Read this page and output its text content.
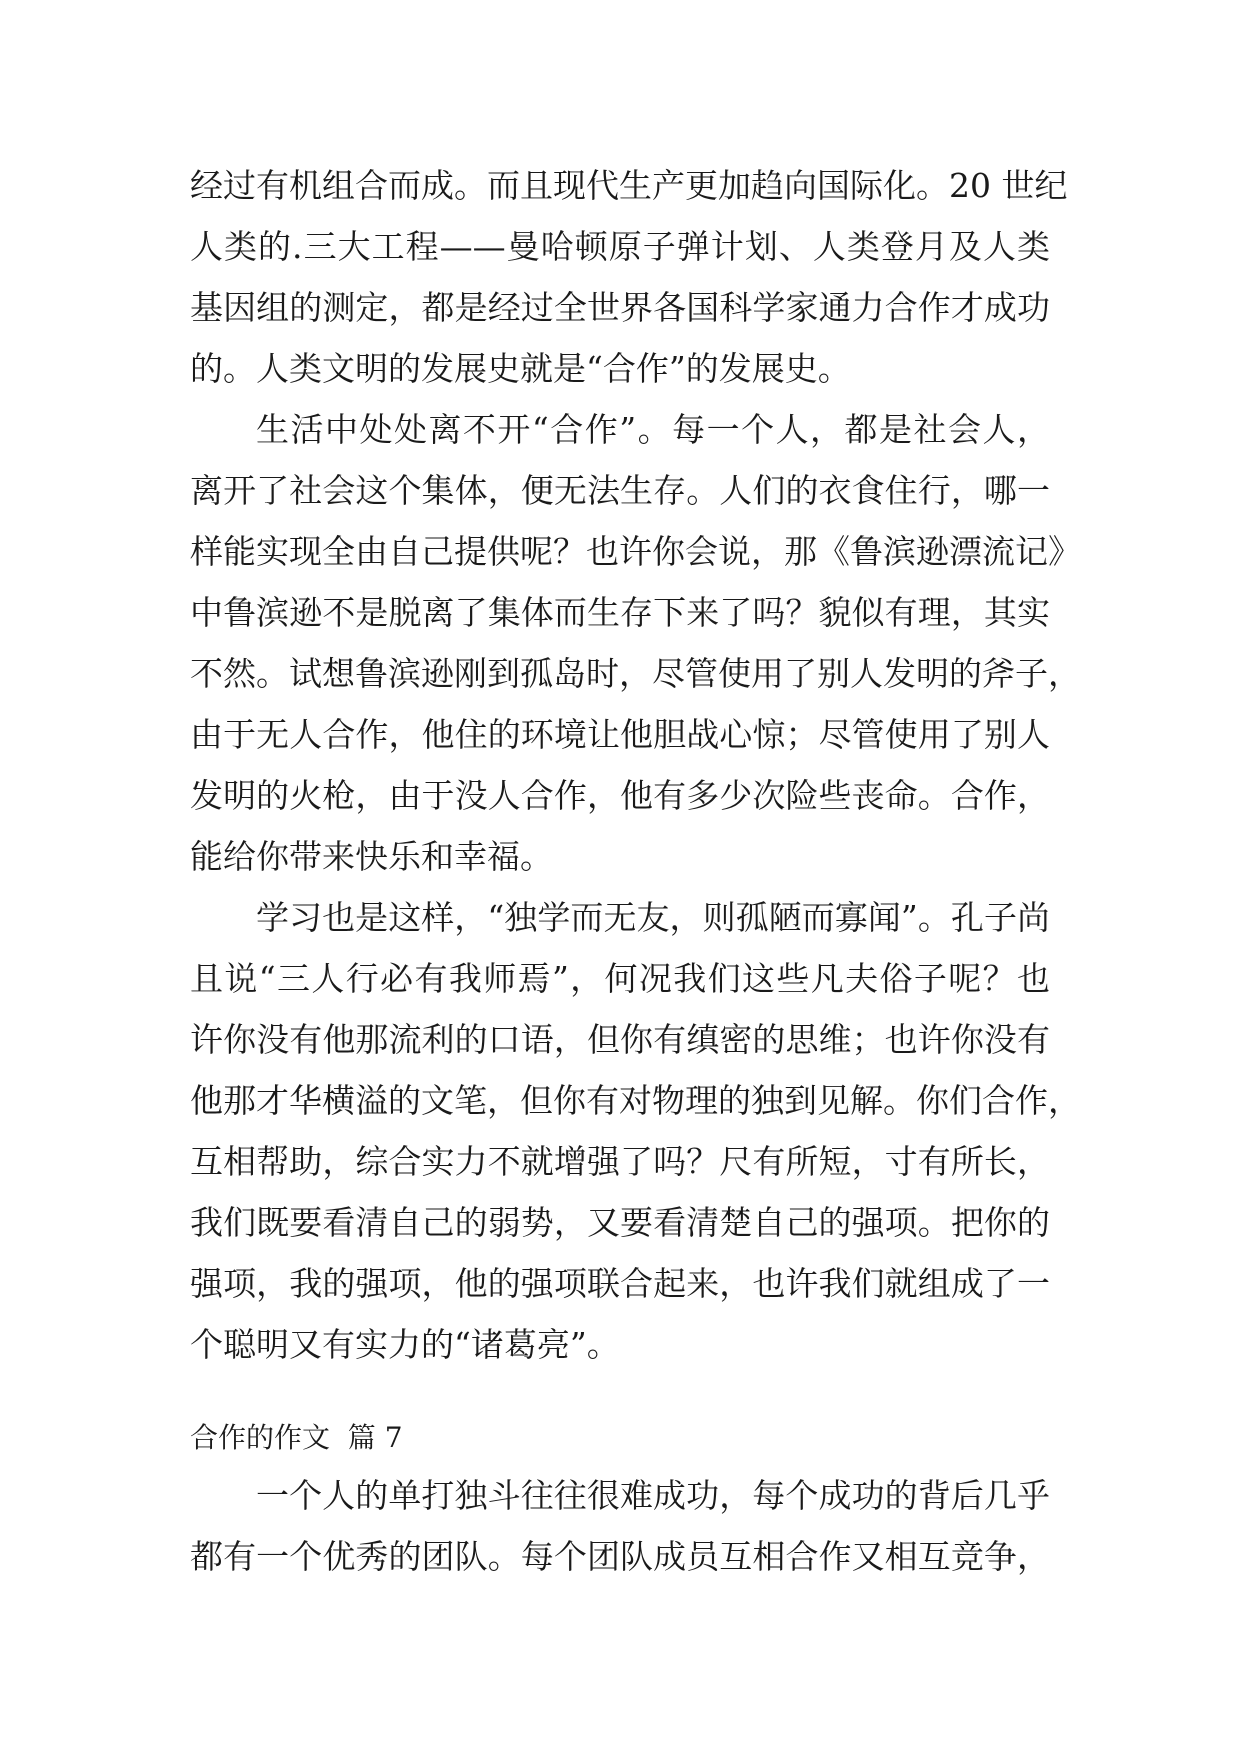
经过有机组合而成。而且现代生产更加趋向国际化。20 世纪
人类的.三大工程——曼哈顿原子弹计划、人类登月及人类
基因组的测定，都是经过全世界各国科学家通力合作才成功
的。人类文明的发展史就是“合作”的发展史。
生活中处处离不开“合作”。每一个人，都是社会人，
离开了社会这个集体，便无法生存。人们的衣食住行，哪一
样能实现全由自己提供呢？也许你会说，那《鲁滨逊漂流记》
中鲁滨逊不是脱离了集体而生存下来了吗？貌似有理，其实
不然。试想鲁滨逊刚到孤岛时，尽管使用了别人发明的斧子，
由于无人合作，他住的环境让他胆战心惊；尽管使用了别人
发明的火枪，由于没人合作，他有多少次险些丧命。合作，
能给你带来快乐和幸福。
学习也是这样，“独学而无友，则孤陋而寡闻”。孔子尚
且说“三人行必有我师焉”，何况我们这些凡夫俗子呢？也
许你没有他那流利的口语，但你有缜密的思维；也许你没有
他那才华横溢的文笔，但你有对物理的独到见解。你们合作，
互相帮助，综合实力不就增强了吗？尺有所短，寸有所长，
我们既要看清自己的弱势，又要看清楚自己的强项。把你的
强项，我的强项，他的强项联合起来，也许我们就组成了一
个聪明又有实力的“诸葛亮”。
合作的作文  篇 7
一个人的单打独斗往往很难成功，每个成功的背后几乎
都有一个优秀的团队。每个团队成员互相合作又相互竞争，
